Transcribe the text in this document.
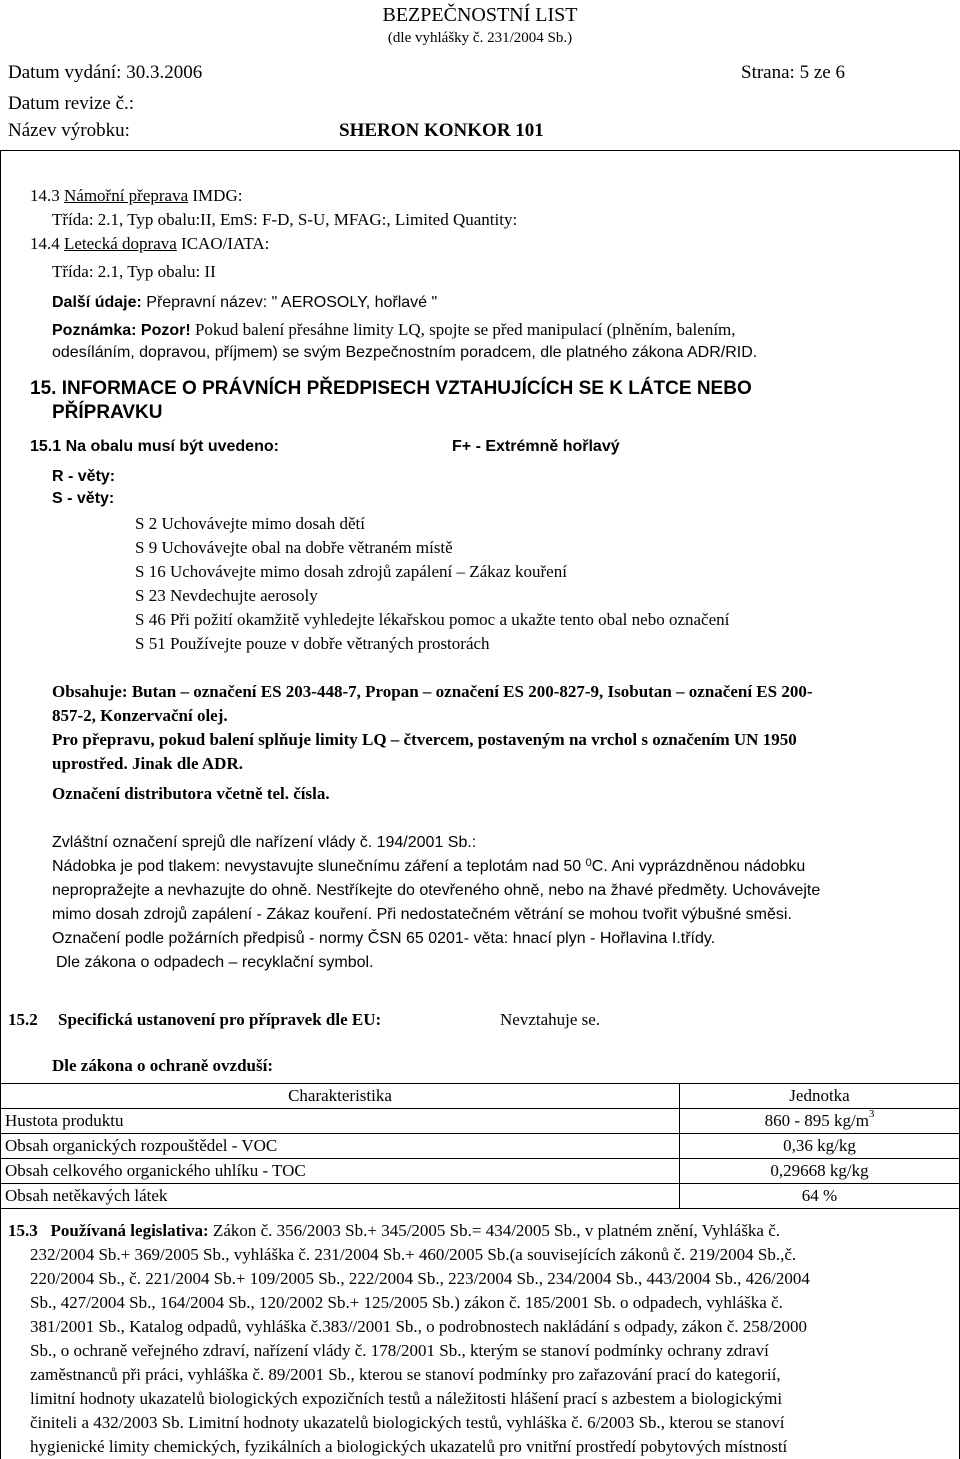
BEZPEČNOSTNÍ LIST
(dle vyhlášky č. 231/2004 Sb.)
Datum vydání: 30.3.2006	Strana: 5 ze 6
Datum revize č.:
Název výrobku:	SHERON KONKOR 101
14.3 Námořní přeprava IMDG:
Třída: 2.1, Typ obalu:II, EmS: F-D, S-U, MFAG:, Limited Quantity:
14.4 Letecká doprava ICAO/IATA:
Třída: 2.1, Typ obalu: II
Další údaje: Přepravní název: " AEROSOLY, hořlavé "
Poznámka: Pozor! Pokud balení přesáhne limity LQ, spojte se před manipulací (plněním, balením,
odesíláním, dopravou, příjmem) se svým Bezpečnostním poradcem, dle platného zákona ADR/RID.
15. INFORMACE O PRÁVNÍCH PŘEDPISECH VZTAHUJÍCÍCH SE K LÁTCE NEBO
PŘÍPRAVKU
15.1 Na obalu musí být uvedeno:	F+ - Extrémně hořlavý
R - věty:
S - věty:
S 2 Uchovávejte mimo dosah dětí
S 9 Uchovávejte obal na dobře větraném místě
S 16 Uchovávejte mimo dosah zdrojů zapálení – Zákaz kouření
S 23 Nevdechujte aerosoly
S 46 Při požití okamžitě vyhledejte lékařskou pomoc a ukažte tento obal nebo označení
S 51 Používejte pouze v dobře větraných prostorách
Obsahuje: Butan – označení ES 203-448-7, Propan – označení ES 200-827-9, Isobutan – označení ES 200-
857-2, Konzervační olej.
Pro přepravu, pokud balení splňuje limity LQ – čtvercem, postaveným na vrchol s označením UN 1950
uprostřed. Jinak dle ADR.
Označení distributora včetně tel. čísla.
Zvláštní označení sprejů dle nařízení vlády č. 194/2001 Sb.:
Nádobka je pod tlakem: nevystavujte slunečnímu záření a teplotám nad 50 $^0$C. Ani vyprázdněnou nádobku
nepropražejte a nevhazujte do ohně. Nestříkejte do otevřeného ohně, nebo na žhavé předměty. Uchovávejte
mimo dosah zdrojů zapálení - Zákaz kouření. Při nedostatečném větrání se mohou tvořit výbušné směsi.
Označení podle požárních předpisů - normy ČSN 65 0201- věta: hnací plyn - Hořlavina I.třídy.
Dle zákona o odpadech – recyklační symbol.
15.2 Specifická ustanovení pro přípravek dle EU:	Nevztahuje se.
Dle zákona o ochraně ovzduší:
Charakteristika	Jednotka
Hustota produktu	860 - 895 $kg/m^3$
Obsah organických rozpouštědel - VOC	0,36 kg/kg
Obsah celkového organického uhlíku - TOC	0,29668 kg/kg
Obsah netěkavých látek	64 %
15.3 Používaná legislativa: Zákon č. 356/2003 Sb.+ 345/2005 Sb.= 434/2005 Sb., v platném znění, Vyhláška č.
232/2004 Sb.+ 369/2005 Sb., vyhláška č. 231/2004 Sb.+ 460/2005 Sb.(a souvisejících zákonů č. 219/2004 Sb.,č.
220/2004 Sb., č. 221/2004 Sb.+ 109/2005 Sb., 222/2004 Sb., 223/2004 Sb., 234/2004 Sb., 443/2004 Sb., 426/2004
Sb., 427/2004 Sb., 164/2004 Sb., 120/2002 Sb.+ 125/2005 Sb.) zákon č. 185/2001 Sb. o odpadech, vyhláška č.
381/2001 Sb., Katalog odpadů, vyhláška č.383//2001 Sb., o podrobnostech nakládání s odpady, zákon č. 258/2000
Sb., o ochraně veřejného zdraví, nařízení vlády č. 178/2001 Sb., kterým se stanoví podmínky ochrany zdraví
zaměstnanců při práci, vyhláška č. 89/2001 Sb., kterou se stanoví podmínky pro zařazování prací do kategorií,
limitní hodnoty ukazatelů biologických expozičních testů a náležitosti hlášení prací s azbestem a biologickými
činiteli a 432/2003 Sb. Limitní hodnoty ukazatelů biologických testů, vyhláška č. 6/2003 Sb., kterou se stanoví
hygienické limity chemických, fyzikálních a biologických ukazatelů pro vnitřní prostředí pobytových místností
